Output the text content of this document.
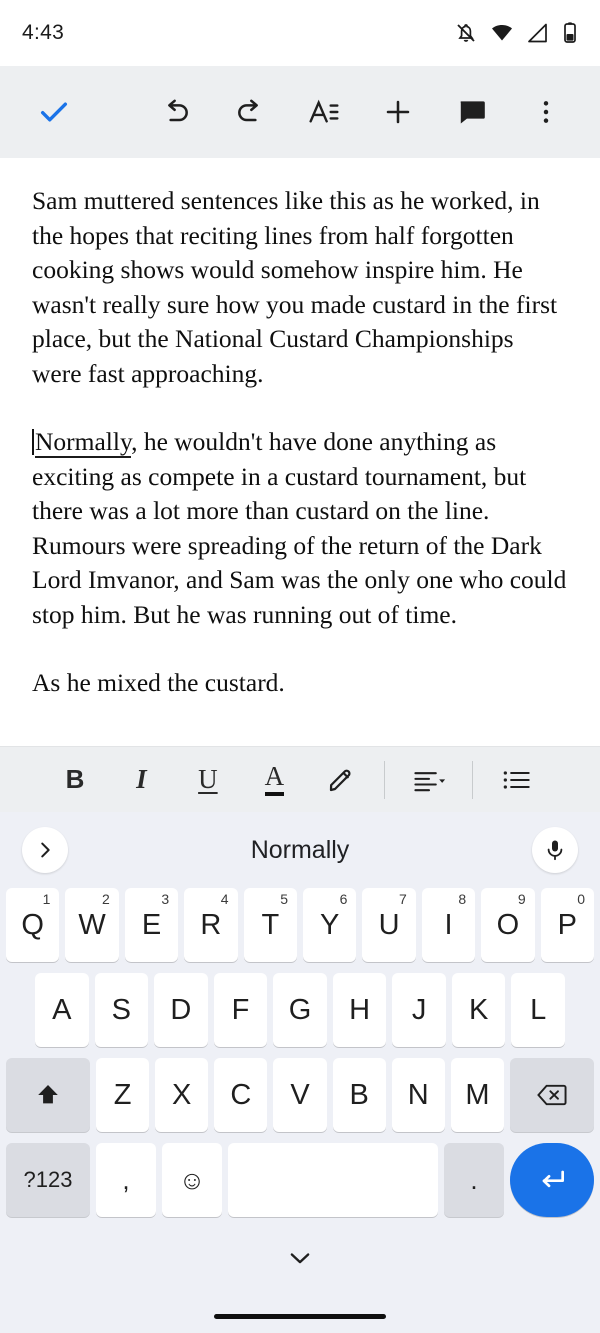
4:43

Sam muttered sentences like this as he worked, in the hopes that reciting lines from half forgotten cooking shows would somehow inspire him. He wasn't really sure how you made custard in the first place, but the National Custard Championships were fast approaching.

Normally, he wouldn't have done anything as exciting as compete in a custard tournament, but there was a lot more than custard on the line. Rumours were spreading of the return of the Dark Lord Imvanor, and Sam was the only one who could stop him. But he was running out of time.

As he mixed the custard.

B I U A
Normally
1
Q
2
W
3
E
4
R
5
T
6
Y
7
U
8
I
9
O
0
P
A S D F G H J K L
Z X C V B N M
?123 , ☺	.
